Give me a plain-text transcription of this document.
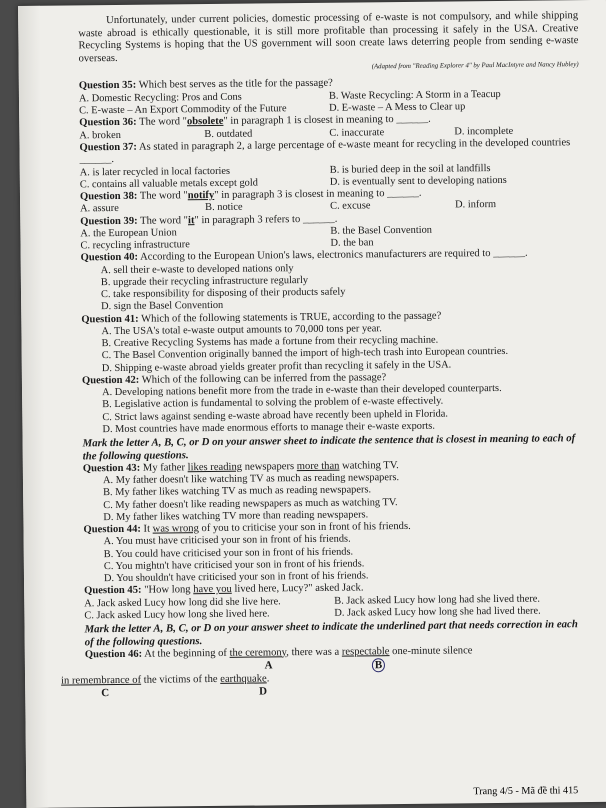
Unfortunately, under current policies, domestic processing of e-waste is not compulsory, and while shipping waste abroad is ethically questionable, it is still more profitable than processing it safely in the USA. Creative Recycling Systems is hoping that the US government will soon create laws deterring people from sending e-waste overseas.
(Adapted from "Reading Explorer 4" by Paul MacIntyre and Nancy Hubley)
Question 35: Which best serves as the title for the passage?
A. Domestic Recycling: Pros and Cons	B. Waste Recycling: A Storm in a Teacup
C. E-waste – An Export Commodity of the Future	D. E-waste – A Mess to Clear up
Question 36: The word "obsolete" in paragraph 1 is closest in meaning to ______.
A. broken	B. outdated	C. inaccurate	D. incomplete
Question 37: As stated in paragraph 2, a large percentage of e-waste meant for recycling in the developed countries ______.
A. is later recycled in local factories	B. is buried deep in the soil at landfills
C. contains all valuable metals except gold	D. is eventually sent to developing nations
Question 38: The word "notify" in paragraph 3 is closest in meaning to ______.
A. assure	B. notice	C. excuse	D. inform
Question 39: The word "it" in paragraph 3 refers to ______.
A. the European Union	B. the Basel Convention
C. recycling infrastructure	D. the ban
Question 40: According to the European Union's laws, electronics manufacturers are required to ______.
A. sell their e-waste to developed nations only
B. upgrade their recycling infrastructure regularly
C. take responsibility for disposing of their products safely
D. sign the Basel Convention
Question 41: Which of the following statements is TRUE, according to the passage?
A. The USA's total e-waste output amounts to 70,000 tons per year.
B. Creative Recycling Systems has made a fortune from their recycling machine.
C. The Basel Convention originally banned the import of high-tech trash into European countries.
D. Shipping e-waste abroad yields greater profit than recycling it safely in the USA.
Question 42: Which of the following can be inferred from the passage?
A. Developing nations benefit more from the trade in e-waste than their developed counterparts.
B. Legislative action is fundamental to solving the problem of e-waste effectively.
C. Strict laws against sending e-waste abroad have recently been upheld in Florida.
D. Most countries have made enormous efforts to manage their e-waste exports.
Mark the letter A, B, C, or D on your answer sheet to indicate the sentence that is closest in meaning to each of the following questions.
Question 43: My father likes reading newspapers more than watching TV.
A. My father doesn't like watching TV as much as reading newspapers.
B. My father likes watching TV as much as reading newspapers.
C. My father doesn't like reading newspapers as much as watching TV.
D. My father likes watching TV more than reading newspapers.
Question 44: It was wrong of you to criticise your son in front of his friends.
A. You must have criticised your son in front of his friends.
B. You could have criticised your son in front of his friends.
C. You mightn't have criticised your son in front of his friends.
D. You shouldn't have criticised your son in front of his friends.
Question 45: "How long have you lived here, Lucy?" asked Jack.
A. Jack asked Lucy how long did she live here.	B. Jack asked Lucy how long had she lived there.
C. Jack asked Lucy how long she lived here.	D. Jack asked Lucy how long she had lived there.
Mark the letter A, B, C, or D on your answer sheet to indicate the underlined part that needs correction in each of the following questions.
Question 46: At the beginning of the ceremony, there was a respectable one-minute silence
A	B
in remembrance of the victims of the earthquake.
C	D
Trang 4/5 - Mã đề thi 415
